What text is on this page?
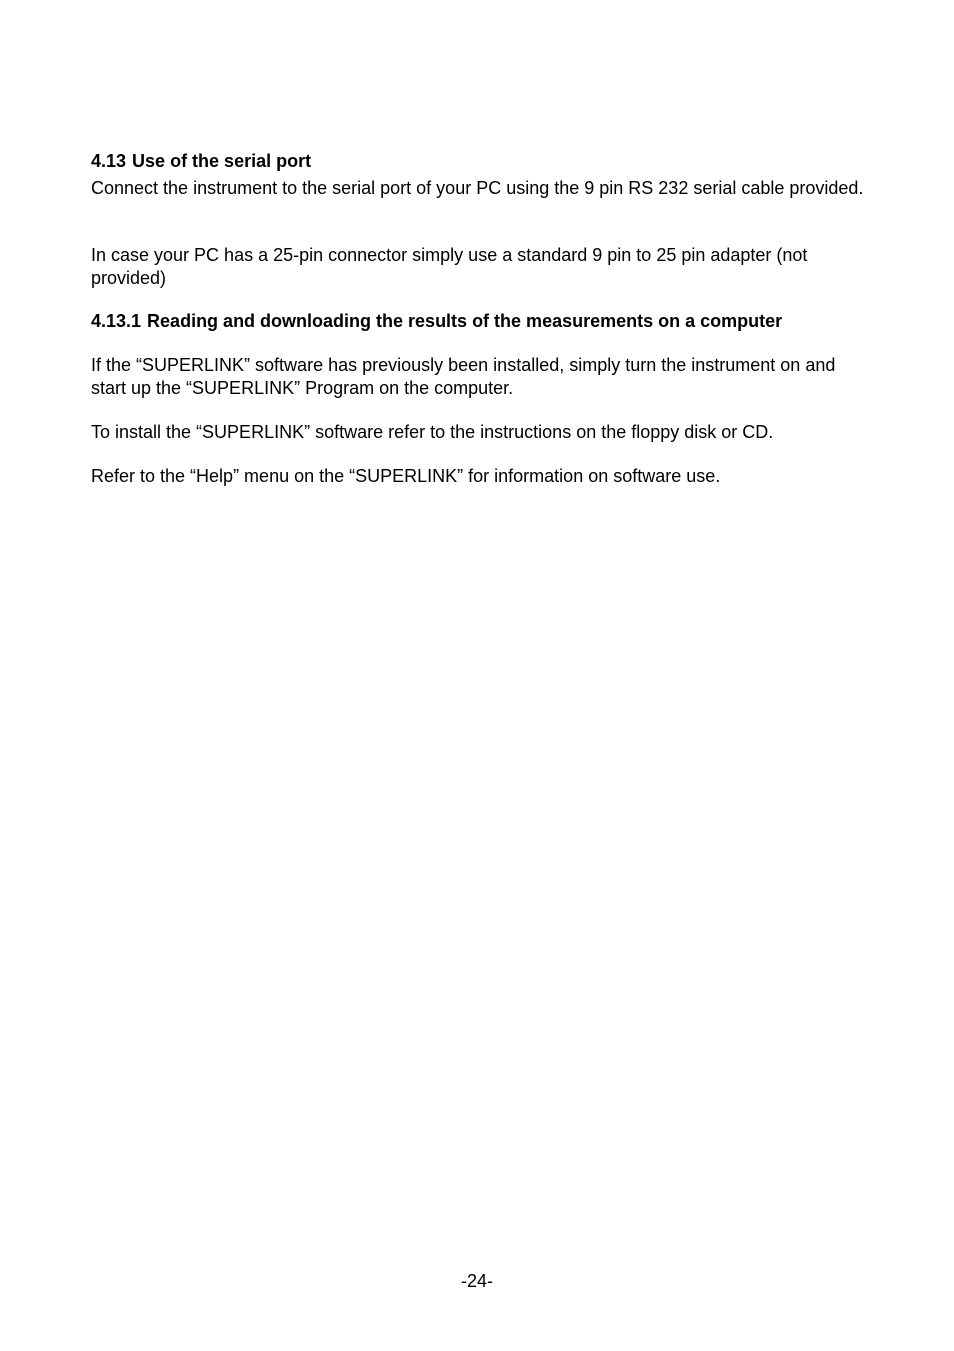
4.13 Use of the serial port

Connect the instrument to the serial port of your PC using the 9 pin RS 232 serial cable provided.

In case your PC has a 25-pin connector simply use a standard 9 pin to 25 pin adapter (not provided)

4.13.1 Reading and downloading the results of the measurements on a computer

If the “SUPERLINK” software has previously been installed, simply turn the instrument on and start up the “SUPERLINK” Program on the computer.

To install the “SUPERLINK” software refer to the instructions on the floppy disk or CD.

Refer to the “Help” menu on the “SUPERLINK” for information on software use.

-24-
